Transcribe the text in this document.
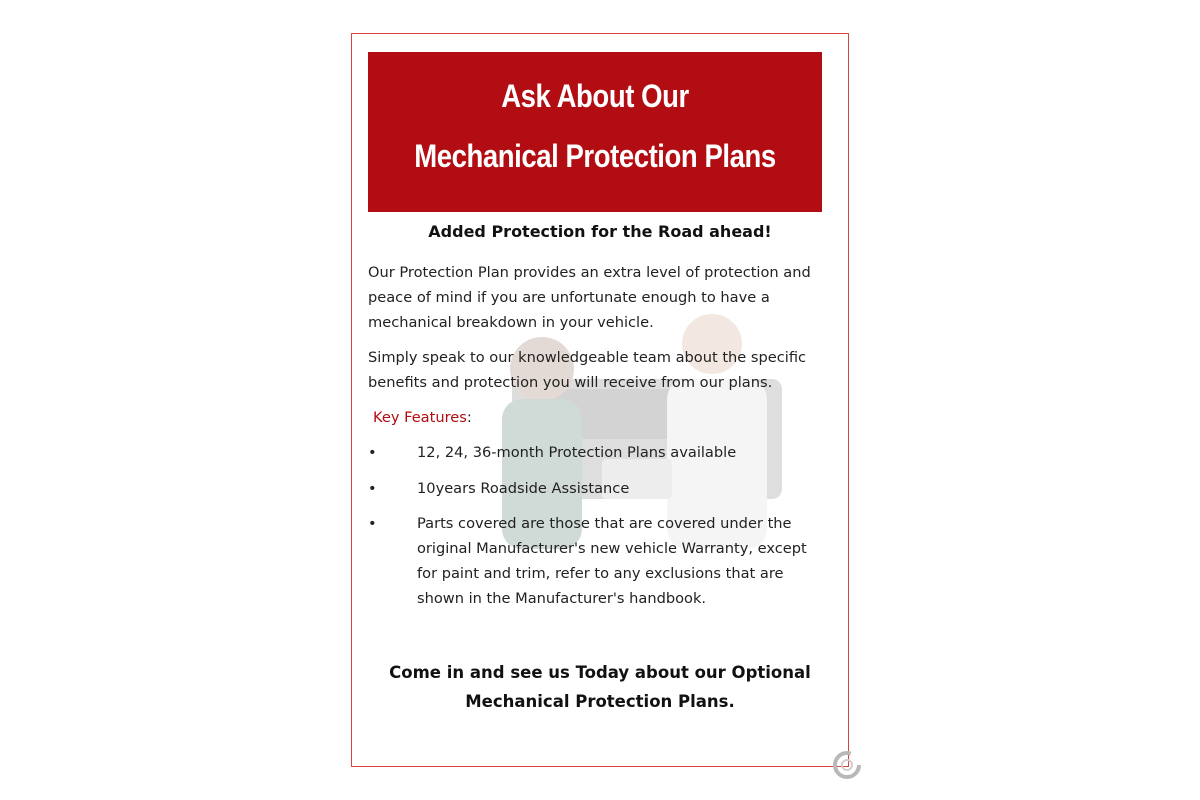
Ask About Our
Mechanical Protection Plans
Added Protection for the Road ahead!
Our Protection Plan provides an extra level of protection and peace of mind if you are unfortunate enough to have a mechanical breakdown in your vehicle.
Simply speak to our knowledgeable team about the specific benefits and protection you will receive from our plans.
Key Features:
•	12, 24, 36-month Protection Plans available
•	10years Roadside Assistance
•	Parts covered are those that are covered under the original Manufacturer's new vehicle Warranty, except for paint and trim, refer to any exclusions that are shown in the Manufacturer's handbook.
Come in and see us Today about our Optional Mechanical Protection Plans.
